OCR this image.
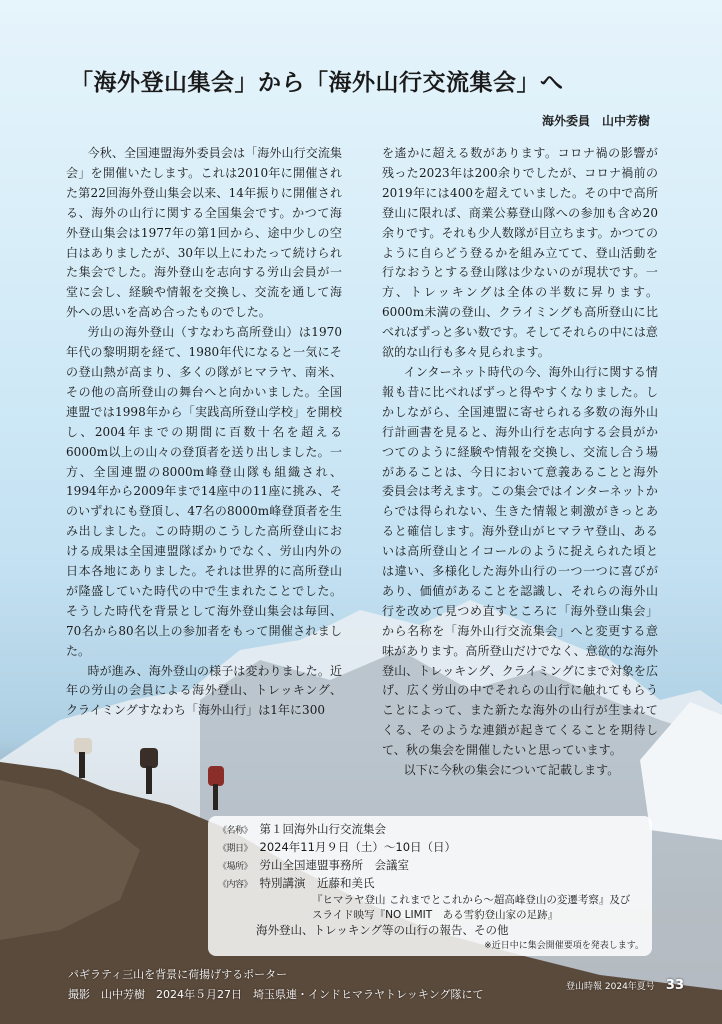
「海外登山集会」から「海外山行交流集会」へ
海外委員　山中芳樹

今秋、全国連盟海外委員会は「海外山行交流集会」を開催いたします。これは2010年に開催された第22回海外登山集会以来、14年振りに開催される、海外の山行に関する全国集会です。かつて海外登山集会は1977年の第1回から、途中少しの空白はありましたが、30年以上にわたって続けられた集会でした。海外登山を志向する労山会員が一堂に会し、経験や情報を交換し、交流を通して海外への思いを高め合ったものでした。

労山の海外登山（すなわち高所登山）は1970年代の黎明期を経て、1980年代になると一気にその登山熱が高まり、多くの隊がヒマラヤ、南米、その他の高所登山の舞台へと向かいました。全国連盟では1998年から「実践高所登山学校」を開校し、2004年までの期間に百数十名を超える6000m以上の山々の登頂者を送り出しました。一方、全国連盟の8000m峰登山隊も組織され、1994年から2009年まで14座中の11座に挑み、そのいずれにも登頂し、47名の8000m峰登頂者を生み出しました。この時期のこうした高所登山における成果は全国連盟隊ばかりでなく、労山内外の日本各地にありました。それは世界的に高所登山が隆盛していた時代の中で生まれたことでした。そうした時代を背景として海外登山集会は毎回、70名から80名以上の参加者をもって開催されました。

時が進み、海外登山の様子は変わりました。近年の労山の会員による海外登山、トレッキング、クライミングすなわち「海外山行」は1年に300

を遙かに超える数があります。コロナ禍の影響が残った2023年は200余りでしたが、コロナ禍前の2019年には400を超えていました。その中で高所登山に限れば、商業公募登山隊への参加も含め20余りです。それも少人数隊が目立ちます。かつてのように自らどう登るかを組み立てて、登山活動を行なおうとする登山隊は少ないのが現状です。一方、トレッキングは全体の半数に昇ります。6000m未満の登山、クライミングも高所登山に比べればずっと多い数です。そしてそれらの中には意欲的な山行も多々見られます。

インターネット時代の今、海外山行に関する情報も昔に比べればずっと得やすくなりました。しかしながら、全国連盟に寄せられる多数の海外山行計画書を見ると、海外山行を志向する会員がかつてのように経験や情報を交換し、交流し合う場があることは、今日において意義あることと海外委員会は考えます。この集会ではインターネットからでは得られない、生きた情報と刺激がきっとあると確信します。海外登山がヒマラヤ登山、あるいは高所登山とイコールのように捉えられた頃とは違い、多様化した海外山行の一つ一つに喜びがあり、価値があることを認識し、それらの海外山行を改めて見つめ直すところに「海外登山集会」から名称を「海外山行交流集会」へと変更する意味があります。高所登山だけでなく、意欲的な海外登山、トレッキング、クライミングにまで対象を広げ、広く労山の中でそれらの山行に触れてもらうことによって、また新たな海外の山行が生まれてくる、そのような連鎖が起きてくることを期待して、秋の集会を開催したいと思っています。

以下に今秋の集会について記載します。

《名称》 第１回海外山行交流集会
《期日》 2024年11月９日（土）～10日（日）
《場所》 労山全国連盟事務所　会議室
《内容》 特別講演　近藤和美氏
『ヒマラヤ登山 これまでとこれから～超高峰登山の変遷考察』及び
スライド映写『NO LIMIT　ある雪豹登山家の足跡』
海外登山、トレッキング等の山行の報告、その他
※近日中に集会開催要項を発表します。
パギラティ三山を背景に荷揚げするポーター
撮影　山中芳樹　2024年５月27日　埼玉県連・インドヒマラヤトレッキング隊にて
登山時報 2024年夏号 33
